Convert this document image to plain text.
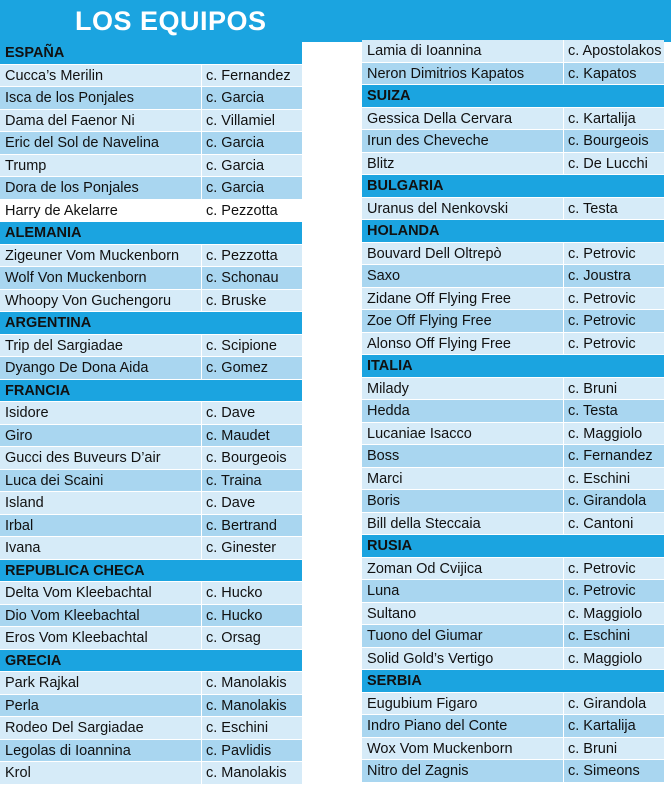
LOS EQUIPOS
ESPAÑA
Cucca’s Merilin	c. Fernandez
Isca de los Ponjales	c. Garcia
Dama del Faenor Ni	c. Villamiel
Eric del Sol de Navelina	c. Garcia
Trump	c. Garcia
Dora de los Ponjales	c. Garcia
Harry de Akelarre	c. Pezzotta
ALEMANIA
Zigeuner Vom Muckenborn c. Pezzotta
Wolf Von Muckenborn	c. Schonau
Whoopy Von Guchengoru c. Bruske
ARGENTINA
Trip del Sargiadae	c. Scipione
Dyango De Dona Aida	c. Gomez
FRANCIA
Isidore	c. Dave
Giro	c. Maudet
Gucci des Buveurs D’air	c. Bourgeois
Luca dei Scaini	c. Traina
Island	c. Dave
Irbal	c. Bertrand
Ivana	c. Ginester
REPUBLICA CHECA
Delta Vom Kleebachtal	c. Hucko
Dio Vom Kleebachtal	c. Hucko
Eros Vom Kleebachtal	c. Orsag
GRECIA
Park Rajkal	c. Manolakis
Perla	c. Manolakis
Rodeo Del Sargiadae	c. Eschini
Legolas di Ioannina	c. Pavlidis
Krol	c. Manolakis
Lamia di Ioannina	c. Apostolakos
Neron Dimitrios Kapatos	c. Kapatos
SUIZA
Gessica Della Cervara	c. Kartalija
Irun des Cheveche	c. Bourgeois
Blitz	c. De Lucchi
BULGARIA
Uranus del Nenkovski	c. Testa
HOLANDA
Bouvard Dell Oltrepò	c. Petrovic
Saxo	c. Joustra
Zidane Off Flying Free	c. Petrovic
Zoe Off Flying Free	c. Petrovic
Alonso Off Flying Free	c. Petrovic
ITALIA
Milady	c. Bruni
Hedda	c. Testa
Lucaniae Isacco	c. Maggiolo
Boss	c. Fernandez
Marci	c. Eschini
Boris	c. Girandola
Bill della Steccaia	c. Cantoni
RUSIA
Zoman Od Cvijica	c. Petrovic
Luna	c. Petrovic
Sultano	c. Maggiolo
Tuono del Giumar	c. Eschini
Solid Gold’s Vertigo	c. Maggiolo
SERBIA
Eugubium Figaro	c. Girandola
Indro Piano del Conte	c. Kartalija
Wox Vom Muckenborn	c. Bruni
Nitro del Zagnis	c. Simeons
